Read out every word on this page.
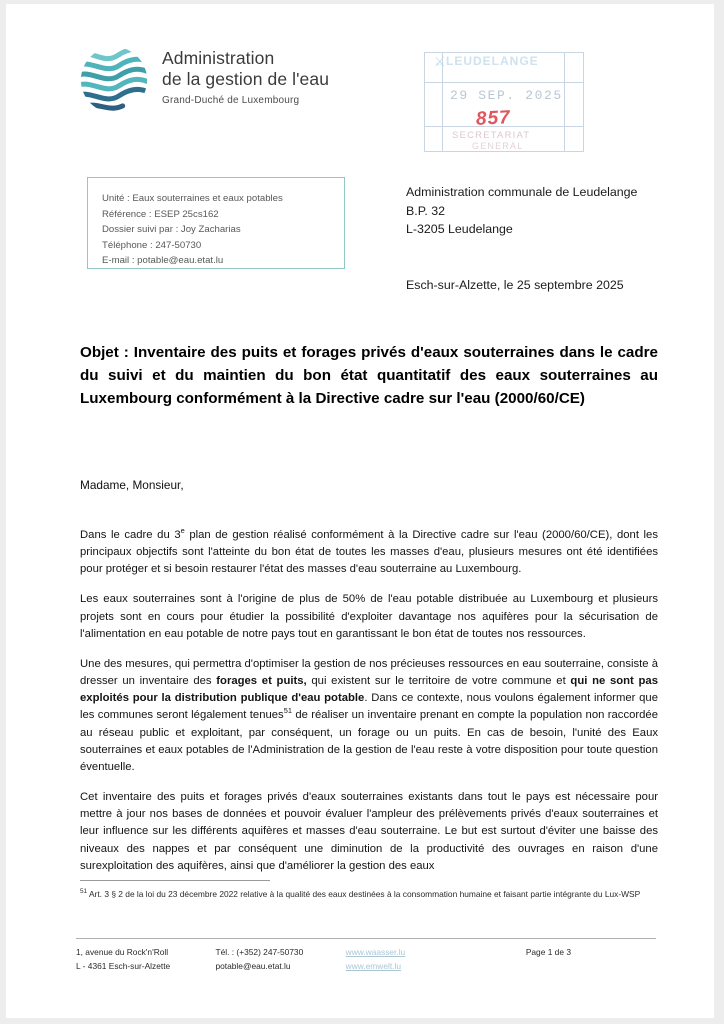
Administration
de la gestion de l'eau
Grand-Duché de Luxembourg
⚔ LEUDELANGE
29 SEP. 2025
857
SECRETARIAT
GENERAL
Unité : Eaux souterraines et eaux potables
Référence : ESEP 25cs162
Dossier suivi par : Joy Zacharias
Téléphone : 247-50730
E-mail : potable@eau.etat.lu
Administration communale de Leudelange
B.P. 32
L-3205 Leudelange
Esch-sur-Alzette, le 25 septembre 2025
Objet : Inventaire des puits et forages privés d'eaux souterraines dans le cadre du suivi et du maintien du bon état quantitatif des eaux souterraines au Luxembourg conformément à la Directive cadre sur l'eau (2000/60/CE)
Madame, Monsieur,

Dans le cadre du 3e plan de gestion réalisé conformément à la Directive cadre sur l'eau (2000/60/CE), dont les principaux objectifs sont l'atteinte du bon état de toutes les masses d'eau, plusieurs mesures ont été identifiées pour protéger et si besoin restaurer l'état des masses d'eau souterraine au Luxembourg.

Les eaux souterraines sont à l'origine de plus de 50% de l'eau potable distribuée au Luxembourg et plusieurs projets sont en cours pour étudier la possibilité d'exploiter davantage nos aquifères pour la sécurisation de l'alimentation en eau potable de notre pays tout en garantissant le bon état de toutes nos ressources.

Une des mesures, qui permettra d'optimiser la gestion de nos précieuses ressources en eau souterraine, consiste à dresser un inventaire des forages et puits, qui existent sur le territoire de votre commune et qui ne sont pas exploités pour la distribution publique d'eau potable. Dans ce contexte, nous voulons également informer que les communes seront légalement tenues$^{51}$ de réaliser un inventaire prenant en compte la population non raccordée au réseau public et exploitant, par conséquent, un forage ou un puits. En cas de besoin, l'unité des Eaux souterraines et eaux potables de l'Administration de la gestion de l'eau reste à votre disposition pour toute question éventuelle.

Cet inventaire des puits et forages privés d'eaux souterraines existants dans tout le pays est nécessaire pour mettre à jour nos bases de données et pouvoir évaluer l'ampleur des prélèvements privés d'eaux souterraines et leur influence sur les différents aquifères et masses d'eau souterraine. Le but est surtout d'éviter une baisse des niveaux des nappes et par conséquent une diminution de la productivité des ouvrages en raison d'une surexploitation des aquifères, ainsi que d'améliorer la gestion des eaux

$^{51}$ Art. 3 § 2 de la loi du 23 décembre 2022 relative à la qualité des eaux destinées à la consommation humaine et faisant partie intégrante du Lux-WSP
1, avenue du Rock'n'Roll
L - 4361 Esch-sur-Alzette
Tél. : (+352) 247-50730
potable@eau.etat.lu
www.waasser.lu
www.emwelt.lu
Page 1 de 3
